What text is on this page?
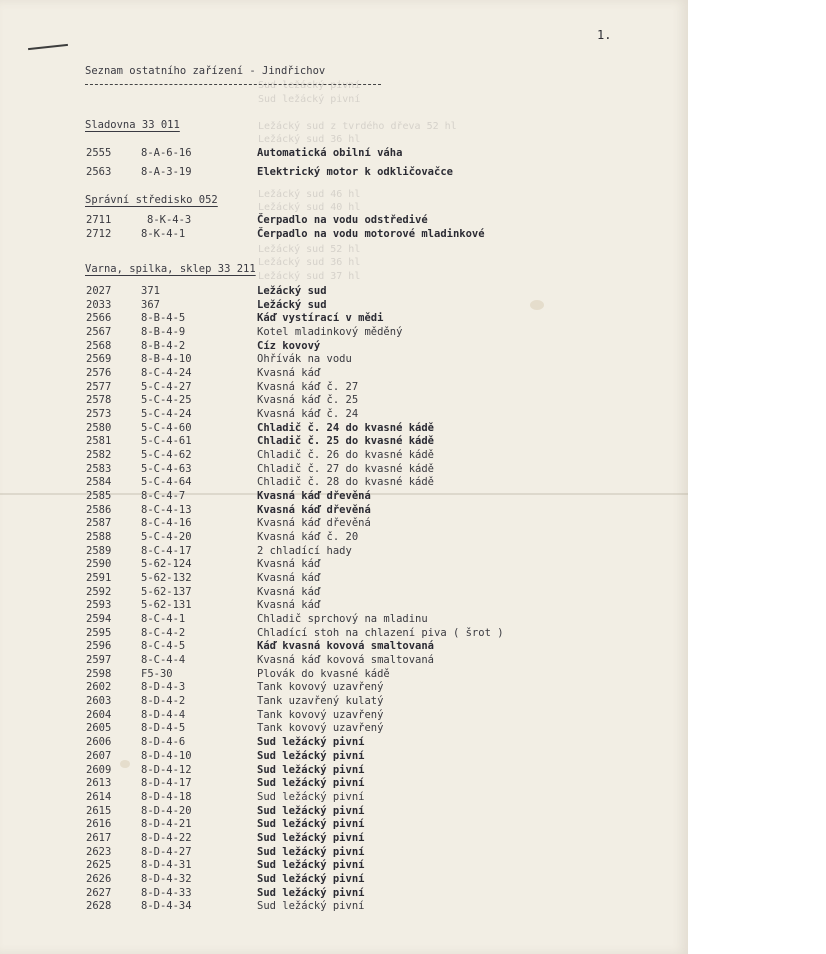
1.
Seznam ostatního zařízení - Jindřichov
Sud ležácký pivní
Sud ležácký pivní
Ležácký sud z tvrdého dřeva 52 hl
Ležácký sud 36 hl
Ležácký sud 46 hl
Ležácký sud 40 hl
Ležácký sud 52 hl
Ležácký sud 36 hl
Ležácký sud 37 hl
Sladovna 33 011
2555	8-A-6-16	Automatická obilní váha
2563	8-A-3-19	Elektrický motor k odkličovačce
Správní středisko 052
2711	8-K-4-3	Čerpadlo na vodu odstředivé
2712	8-K-4-1	Čerpadlo na vodu motorové mladinkové
Varna, spilka, sklep 33 211
2027	371	Ležácký sud
2033	367	Ležácký sud
2566	8-B-4-5	Káď vystírací v mědi
2567	8-B-4-9	Kotel mladinkový měděný
2568	8-B-4-2	Cíz kovový
2569	8-B-4-10	Ohřívák na vodu
2576	8-C-4-24	Kvasná káď
2577	5-C-4-27	Kvasná káď č. 27
2578	5-C-4-25	Kvasná káď č. 25
2573	5-C-4-24	Kvasná káď č. 24
2580	5-C-4-60	Chladič č. 24 do kvasné kádě
2581	5-C-4-61	Chladič č. 25 do kvasné kádě
2582	5-C-4-62	Chladič č. 26 do kvasné kádě
2583	5-C-4-63	Chladič č. 27 do kvasné kádě
2584	5-C-4-64	Chladič č. 28 do kvasné kádě
2585	8-C-4-7	Kvasná káď dřevěná
2586	8-C-4-13	Kvasná káď dřevěná
2587	8-C-4-16	Kvasná káď dřevěná
2588	5-C-4-20	Kvasná káď č. 20
2589	8-C-4-17	2 chladící hady
2590	5-62-124	Kvasná káď
2591	5-62-132	Kvasná káď
2592	5-62-137	Kvasná káď
2593	5-62-131	Kvasná káď
2594	8-C-4-1	Chladič sprchový na mladinu
2595	8-C-4-2	Chladící stoh na chlazení piva ( šrot )
2596	8-C-4-5	Káď kvasná kovová smaltovaná
2597	8-C-4-4	Kvasná káď kovová smaltovaná
2598	F5-30	Plovák do kvasné kádě
2602	8-D-4-3	Tank kovový uzavřený
2603	8-D-4-2	Tank uzavřený kulatý
2604	8-D-4-4	Tank kovový uzavřený
2605	8-D-4-5	Tank kovový uzavřený
2606	8-D-4-6	Sud ležácký pivní
2607	8-D-4-10	Sud ležácký pivní
2609	8-D-4-12	Sud ležácký pivní
2613	8-D-4-17	Sud ležácký pivní
2614	8-D-4-18	Sud ležácký pivní
2615	8-D-4-20	Sud ležácký pivní
2616	8-D-4-21	Sud ležácký pivní
2617	8-D-4-22	Sud ležácký pivní
2623	8-D-4-27	Sud ležácký pivní
2625	8-D-4-31	Sud ležácký pivní
2626	8-D-4-32	Sud ležácký pivní
2627	8-D-4-33	Sud ležácký pivní
2628	8-D-4-34	Sud ležácký pivní
